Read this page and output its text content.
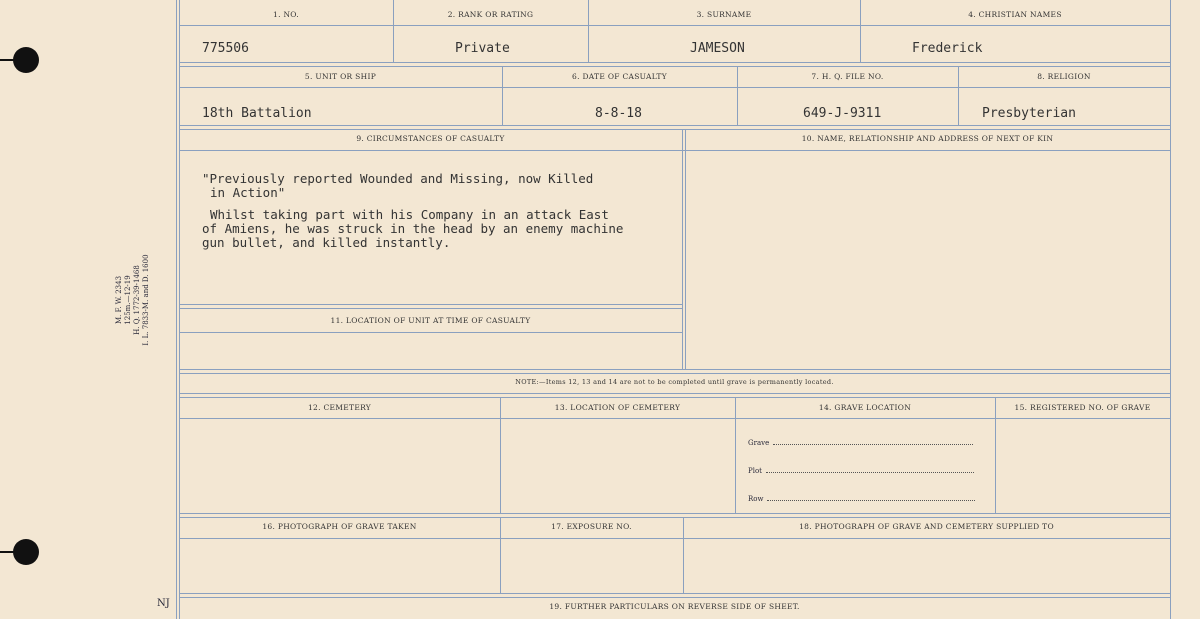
M. F. W. 2343 125m.—12-19 H. Q. 1772-39-1468 I. L. 7833-M. and D. 1600
NJ
1. NO.	2. RANK OR RATING	3. SURNAME	4. CHRISTIAN NAMES
775506	Private	JAMESON	Frederick
5. UNIT OR SHIP	6. DATE OF CASUALTY	7. H. Q. FILE NO.	8. RELIGION
18th Battalion	8-8-18	649-J-9311	Presbyterian
9. CIRCUMSTANCES OF CASUALTY	10. NAME, RELATIONSHIP AND ADDRESS OF NEXT OF KIN
"Previously reported Wounded and Missing, now Killed
in Action"
Whilst taking part with his Company in an attack East
of Amiens, he was struck in the head by an enemy machine
gun bullet, and killed instantly.
11. LOCATION OF UNIT AT TIME OF CASUALTY
NOTE:—Items 12, 13 and 14 are not to be completed until grave is permanently located.
12. CEMETERY	13. LOCATION OF CEMETERY	14. GRAVE LOCATION	15. REGISTERED NO. OF GRAVE
Grave
Plot
Row
16. PHOTOGRAPH OF GRAVE TAKEN	17. EXPOSURE NO.	18. PHOTOGRAPH OF GRAVE AND CEMETERY SUPPLIED TO
19. FURTHER PARTICULARS ON REVERSE SIDE OF SHEET.
